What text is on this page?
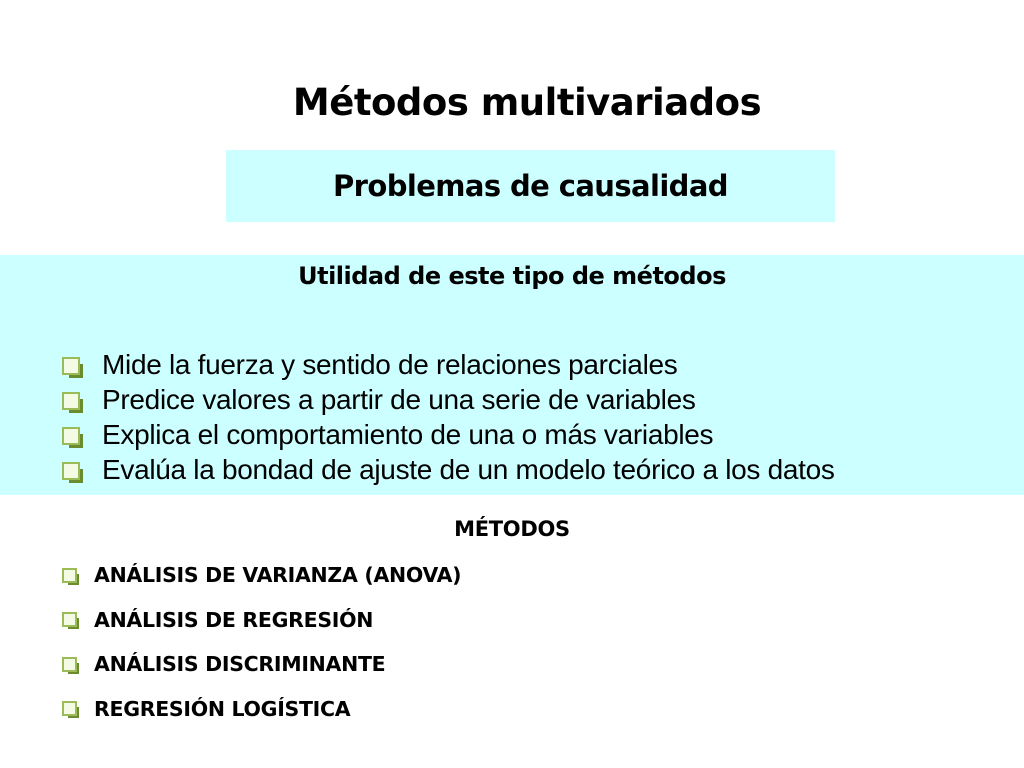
Métodos multivariados
Problemas de causalidad
Utilidad de este tipo de métodos
Mide la fuerza y sentido de relaciones parciales
Predice valores a partir de una serie de variables
Explica el comportamiento de una o más variables
Evalúa la bondad de ajuste de un modelo teórico a los datos
MÉTODOS
ANÁLISIS DE VARIANZA (ANOVA)
ANÁLISIS DE REGRESIÓN
ANÁLISIS DISCRIMINANTE
REGRESIÓN LOGÍSTICA
